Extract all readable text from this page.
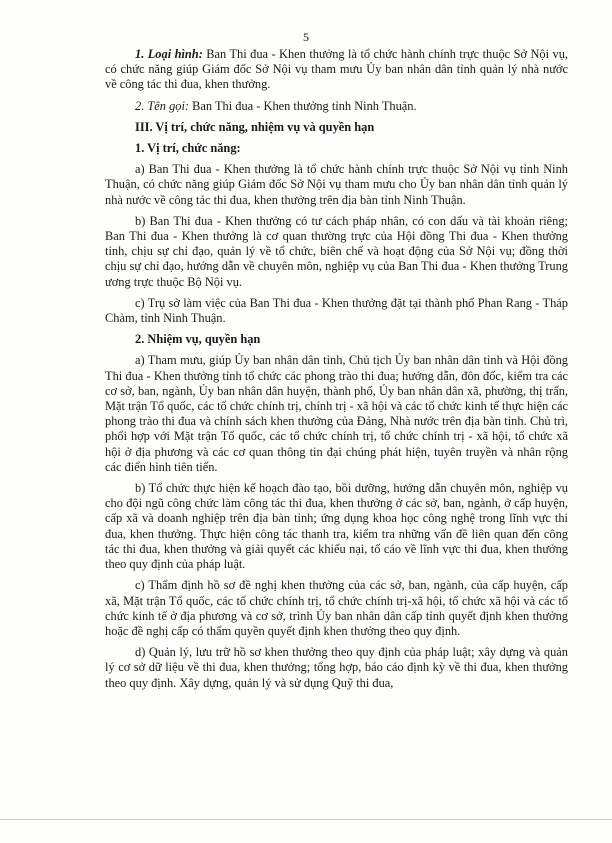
5

1. Loại hình: Ban Thi đua - Khen thưởng là tổ chức hành chính trực thuộc Sở Nội vụ, có chức năng giúp Giám đốc Sở Nội vụ tham mưu Ủy ban nhân dân tỉnh quản lý nhà nước về công tác thi đua, khen thưởng.

2. Tên gọi: Ban Thi đua - Khen thưởng tỉnh Ninh Thuận.

III. Vị trí, chức năng, nhiệm vụ và quyền hạn

1. Vị trí, chức năng:

a) Ban Thi đua - Khen thưởng là tổ chức hành chính trực thuộc Sở Nội vụ tỉnh Ninh Thuận, có chức năng giúp Giám đốc Sở Nội vụ tham mưu cho Ủy ban nhân dân tỉnh quản lý nhà nước về công tác thi đua, khen thưởng trên địa bàn tỉnh Ninh Thuận.

b) Ban Thi đua - Khen thưởng có tư cách pháp nhân, có con dấu và tài khoản riêng; Ban Thi đua - Khen thưởng là cơ quan thường trực của Hội đồng Thi đua - Khen thưởng tỉnh, chịu sự chỉ đạo, quản lý về tổ chức, biên chế và hoạt động của Sở Nội vụ; đồng thời chịu sự chỉ đạo, hướng dẫn về chuyên môn, nghiệp vụ của Ban Thi đua - Khen thưởng Trung ương trực thuộc Bộ Nội vụ.

c) Trụ sở làm việc của Ban Thi đua - Khen thưởng đặt tại thành phố Phan Rang - Tháp Chàm, tỉnh Ninh Thuận.

2. Nhiệm vụ, quyền hạn

a) Tham mưu, giúp Ủy ban nhân dân tỉnh, Chủ tịch Ủy ban nhân dân tỉnh và Hội đồng Thi đua - Khen thưởng tỉnh tổ chức các phong trào thi đua; hướng dẫn, đôn đốc, kiểm tra các cơ sở, ban, ngành, Ủy ban nhân dân huyện, thành phố, Ủy ban nhân dân xã, phường, thị trấn, Mặt trận Tổ quốc, các tổ chức chính trị, chính trị - xã hội và các tổ chức kinh tế thực hiện các phong trào thi đua và chính sách khen thưởng của Đảng, Nhà nước trên địa bàn tỉnh. Chủ trì, phối hợp với Mặt trận Tổ quốc, các tổ chức chính trị, tổ chức chính trị - xã hội, tổ chức xã hội ở địa phương và các cơ quan thông tin đại chúng phát hiện, tuyên truyền và nhân rộng các điển hình tiên tiến.

b) Tổ chức thực hiện kế hoạch đào tạo, bồi dưỡng, hướng dẫn chuyên môn, nghiệp vụ cho đội ngũ công chức làm công tác thi đua, khen thưởng ở các sở, ban, ngành, ở cấp huyện, cấp xã và doanh nghiệp trên địa bàn tỉnh; ứng dụng khoa học công nghệ trong lĩnh vực thi đua, khen thưởng. Thực hiện công tác thanh tra, kiểm tra những vấn đề liên quan đến công tác thi đua, khen thưởng và giải quyết các khiếu nại, tố cáo về lĩnh vực thi đua, khen thưởng theo quy định của pháp luật.

c) Thẩm định hồ sơ đề nghị khen thưởng của các sở, ban, ngành, của cấp huyện, cấp xã, Mặt trận Tổ quốc, các tổ chức chính trị, tổ chức chính trị-xã hội, tổ chức xã hội và các tổ chức kinh tế ở địa phương và cơ sở, trình Ủy ban nhân dân cấp tỉnh quyết định khen thưởng hoặc đề nghị cấp có thẩm quyền quyết định khen thưởng theo quy định.

d) Quản lý, lưu trữ hồ sơ khen thưởng theo quy định của pháp luật; xây dựng và quản lý cơ sở dữ liệu về thi đua, khen thưởng; tổng hợp, báo cáo định kỳ về thi đua, khen thưởng theo quy định. Xây dựng, quản lý và sử dụng Quỹ thi đua,
